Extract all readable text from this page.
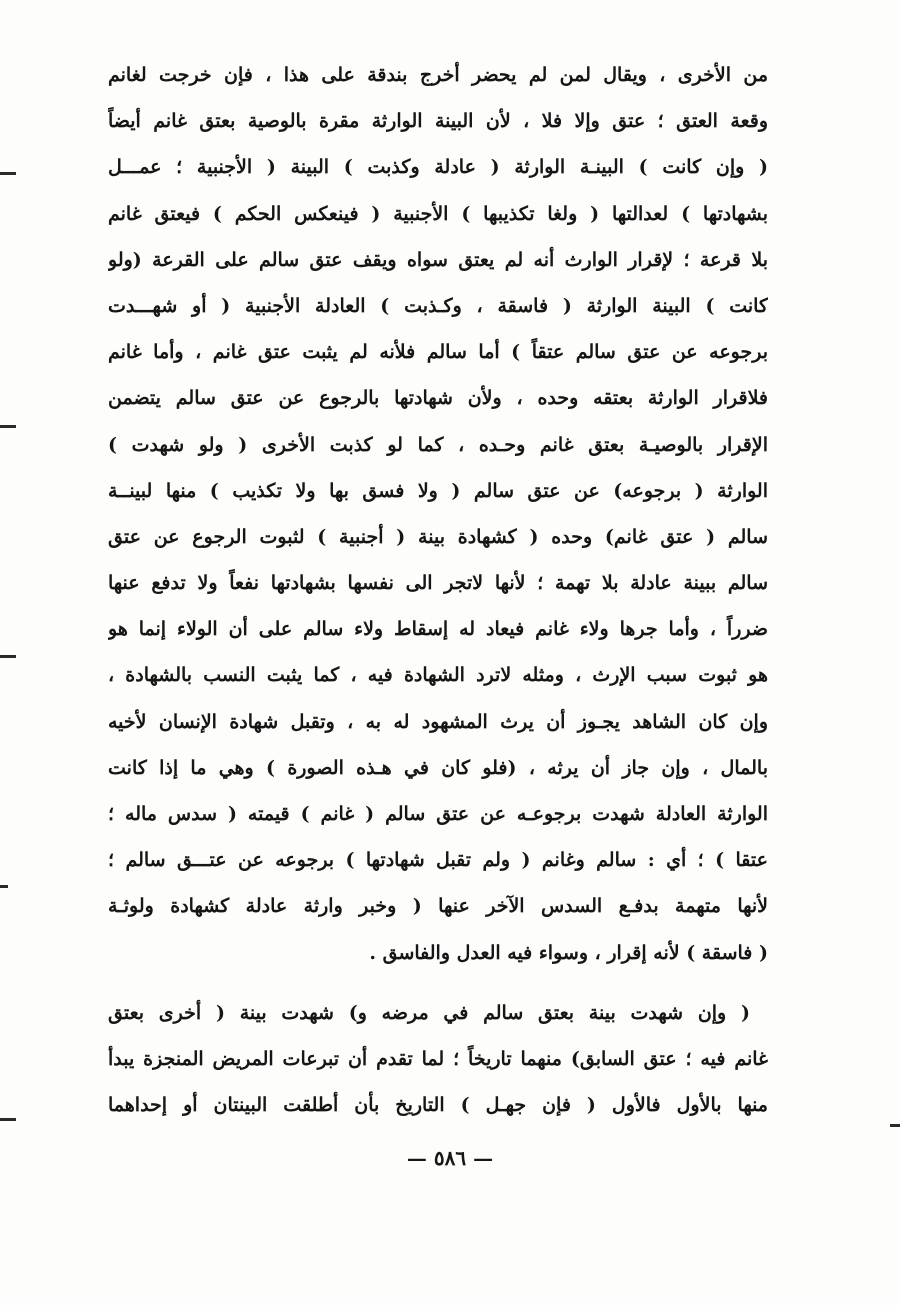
من الأخرى ، ويقال لمن لم يحضر أخرج بندقة على هذا ، فإن خرجت لغانم
وقعة العتق ؛ عتق وإلا فلا ، لأن البينة الوارثة مقرة بالوصية بعتق غانم أيضاً
( وإن كانت ) البينـة الوارثة ( عادلة وكذبت ) البينة ( الأجنبية ؛ عمـــل
بشهادتها ) لعدالتها ( ولغا تكذيبها ) الأجنبية ( فينعكس الحكم ) فيعتق غانم
بلا قرعة ؛ لإقرار الوارث أنه لم يعتق سواه ويقف عتق سالم على القرعة (ولو
كانت ) البينة الوارثة ( فاسقة ، وكـذبت ) العادلة الأجنبية ( أو شهـــدت
برجوعه عن عتق سالم عتقاً ) أما سالم فلأنه لم يثبت عتق غانم ، وأما غانم
فلاقرار الوارثة بعتقه وحده ، ولأن شهادتها بالرجوع عن عتق سالم يتضمن
الإقرار بالوصيـة بعتق غانم وحـده ، كما لو كذبت الأخرى ( ولو شهدت )
الوارثة ( برجوعه) عن عتق سالم ( ولا فسق بها ولا تكذيب ) منها لبينــة
سالم ( عتق غانم) وحده ( كشهادة بينة ( أجنبية ) لثبوت الرجوع عن عتق
سالم ببينة عادلة بلا تهمة ؛ لأنها لاتجر الى نفسها بشهادتها نفعاً ولا تدفع عنها
ضرراً ، وأما جرها ولاء غانم فيعاد له إسقاط ولاء سالم على أن الولاء إنما هو
هو ثبوت سبب الإرث ، ومثله لاترد الشهادة فيه ، كما يثبت النسب بالشهادة ،
وإن كان الشاهد يجـوز أن يرث المشهود له به ، وتقبل شهادة الإنسان لأخيه
بالمال ، وإن جاز أن يرثه ، (فلو كان في هـذه الصورة ) وهي ما إذا كانت
الوارثة العادلة شهدت برجوعـه عن عتق سالم ( غانم ) قيمته ( سدس ماله ؛
عتقا ) ؛ أي : سالم وغانم ( ولم تقبل شهادتها ) برجوعه عن عتـــق سالم ؛
لأنها متهمة بدفـع السدس الآخر عنها ( وخبر وارثة عادلة كشهادة ولوثـة
( فاسقة ) لأنه إقرار ، وسواء فيه العدل والفاسق .
( وإن شهدت بينة بعتق سالم في مرضه و) شهدت بينة ( أخرى بعتق
غانم فيه ؛ عتق السابق) منهما تاريخاً ؛ لما تقدم أن تبرعات المريض المنجزة يبدأ
منها بالأول فالأول ( فإن جهـل ) التاريخ بأن أطلقت البينتان أو إحداهما
— ٥٨٦ —
